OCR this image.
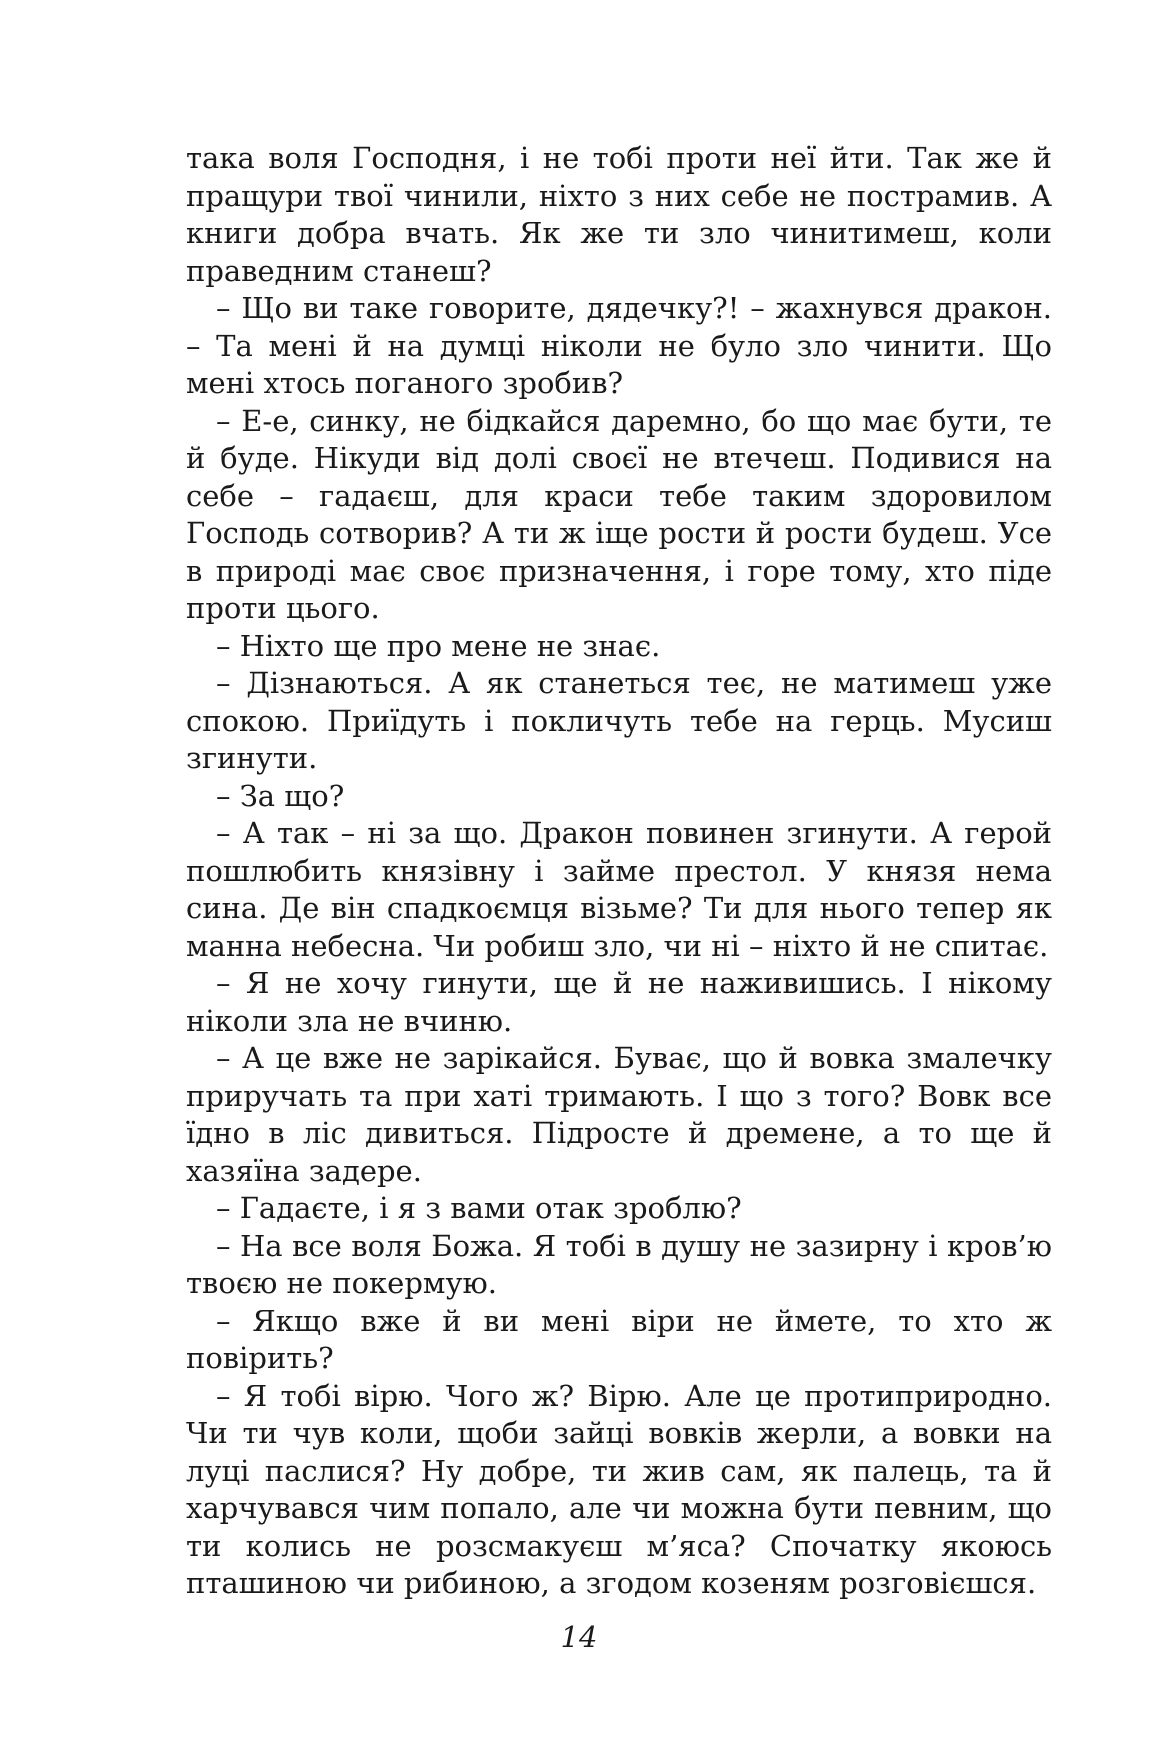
така воля Господня, і не тобі проти неї йти. Так же й пращури твої чинили, ніхто з них себе не пострамив. А книги добра вчать. Як же ти зло чинитимеш, коли праведним станеш?

– Що ви таке говорите, дядечку?! – жахнувся дракон. – Та мені й на думці ніколи не було зло чинити. Що мені хтось поганого зробив?

– Е-е, синку, не бідкайся даремно, бо що має бути, те й буде. Нікуди від долі своєї не втечеш. Подивися на себе – гадаєш, для краси тебе таким здоровилом Господь сотворив? А ти ж іще рости й рости будеш. Усе в природі має своє призначення, і горе тому, хто піде проти цього.

– Ніхто ще про мене не знає.

– Дізнаються. А як станеться теє, не матимеш уже спокою. Приїдуть і покличуть тебе на герць. Мусиш згинути.

– За що?

– А так – ні за що. Дракон повинен згинути. А герой пошлюбить князівну і займе престол. У князя нема сина. Де він спадкоємця візьме? Ти для нього тепер як манна небесна. Чи робиш зло, чи ні – ніхто й не спитає.

– Я не хочу гинути, ще й не наживишись. І нікому ніколи зла не вчиню.

– А це вже не зарікайся. Буває, що й вовка змалечку приручать та при хаті тримають. І що з того? Вовк все їдно в ліс дивиться. Підросте й дремене, а то ще й хазяїна задере.

– Гадаєте, і я з вами отак зроблю?

– На все воля Божа. Я тобі в душу не зазирну і кров’ю твоєю не покермую.

– Якщо вже й ви мені віри не ймете, то хто ж повірить?

– Я тобі вірю. Чого ж? Вірю. Але це протиприродно. Чи ти чув коли, щоби зайці вовків жерли, а вовки на луці паслися? Ну добре, ти жив сам, як палець, та й харчувався чим попало, але чи можна бути певним, що ти колись не розсмакуєш м’яса? Спочатку якоюсь пташиною чи рибиною, а згодом козеням розговієшся.

14
